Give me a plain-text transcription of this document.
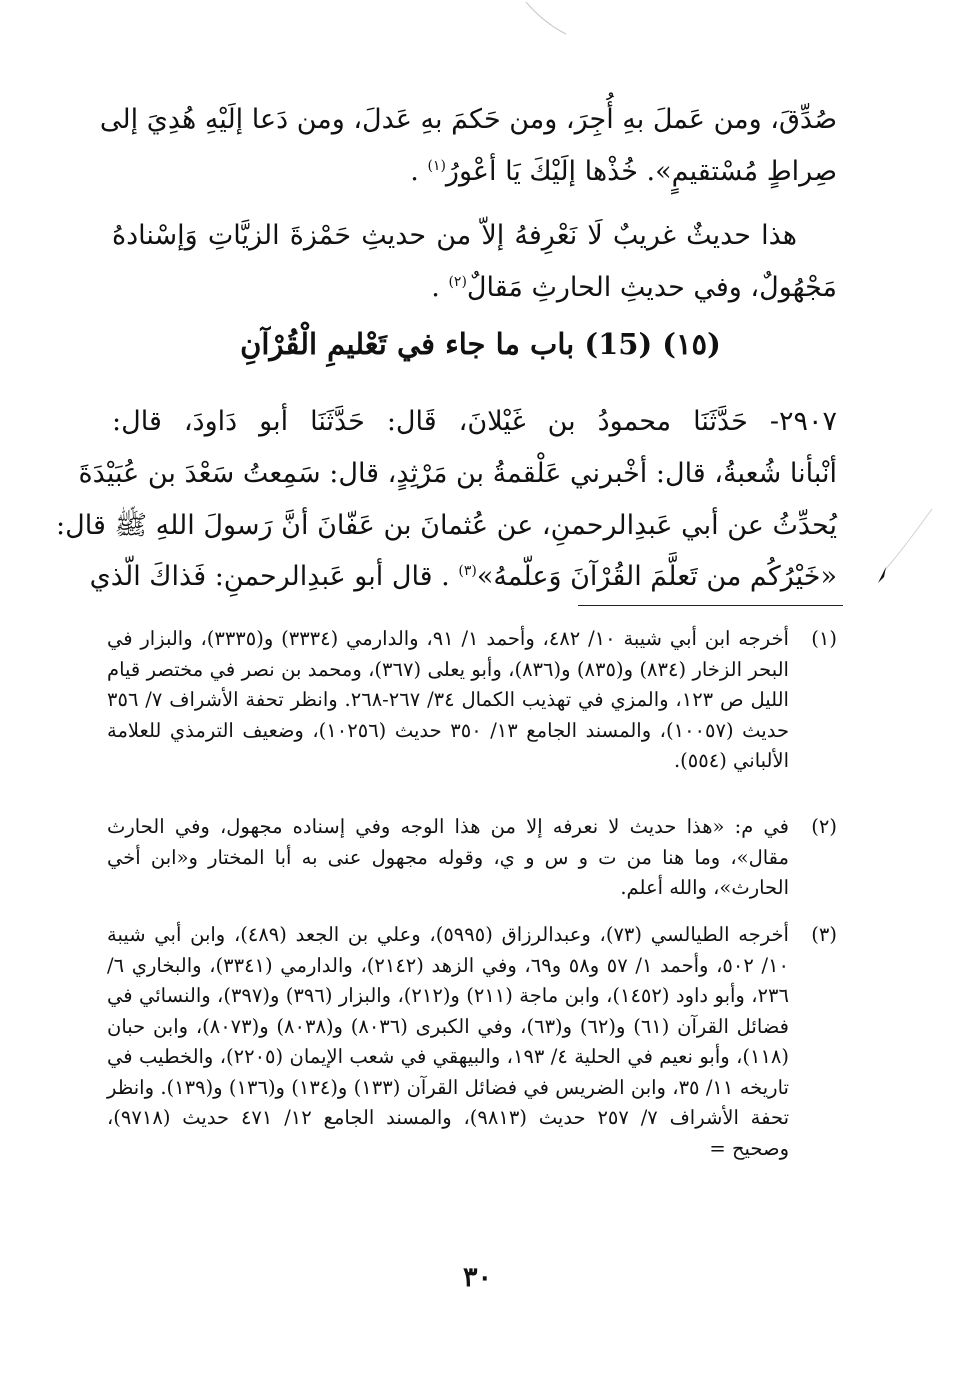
صُدِّقَ، ومن عَملَ بهِ أُجِرَ، ومن حَكمَ بهِ عَدلَ، ومن دَعا إلَيْهِ هُدِيَ إلى
صِراطٍ مُسْتقيمٍ». خُذْها إلَيْكَ يَا أعْورُ$^{(١)}$ .
هذا حديثٌ غريبٌ لَا نَعْرِفهُ إلاّ من حديثِ حَمْزةَ الزيَّاتِ وَإسْنادهُ
مَجْهُولٌ، وفي حديثِ الحارثِ مَقالٌ$^{(٢)}$ .
(١٥) (15) باب ما جاء في تَعْليمِ الْقُرْآنِ
٢٩٠٧- حَدَّثَنَا محمودُ بن غَيْلانَ، قَال: حَدَّثَنَا أبو دَاودَ، قال:
أنْبأنا شُعبةُ، قال: أخْبرني عَلْقمةُ بن مَرْثِدٍ، قال: سَمِعتُ سَعْدَ بن عُبَيْدَةَ
يُحدِّثُ عن أبي عَبدِالرحمنِ، عن عُثمانَ بن عَفّانَ أنَّ رَسولَ اللهِ ﷺ قال:
«خَيْرُكُم من تَعلَّمَ القُرْآنَ وَعلّمهُ»$^{(٣)}$ . قال أبو عَبدِالرحمنِ: فَذاكَ الّذي
(١)
أخرجه ابن أبي شيبة ١٠/ ٤٨٢، وأحمد ١/ ٩١، والدارمي (٣٣٣٤) و(٣٣٣٥)، والبزار في البحر الزخار (٨٣٤) و(٨٣٥) و(٨٣٦)، وأبو يعلى (٣٦٧)، ومحمد بن نصر في مختصر قيام الليل ص ١٢٣، والمزي في تهذيب الكمال ٣٤/ ٢٦٧-٢٦٨. وانظر تحفة الأشراف ٧/ ٣٥٦ حديث (١٠٠٥٧)، والمسند الجامع ١٣/ ٣٥٠ حديث (١٠٢٥٦)، وضعيف الترمذي للعلامة الألباني (٥٥٤).
(٢)
في م: «هذا حديث لا نعرفه إلا من هذا الوجه وفي إسناده مجهول، وفي الحارث مقال»، وما هنا من ت و س و ي، وقوله مجهول عنى به أبا المختار و«ابن أخي الحارث»، والله أعلم.
(٣)
أخرجه الطيالسي (٧٣)، وعبدالرزاق (٥٩٩٥)، وعلي بن الجعد (٤٨٩)، وابن أبي شيبة ١٠/ ٥٠٢، وأحمد ١/ ٥٧ و٥٨ و٦٩، وفي الزهد (٢١٤٢)، والدارمي (٣٣٤١)، والبخاري ٦/ ٢٣٦، وأبو داود (١٤٥٢)، وابن ماجة (٢١١) و(٢١٢)، والبزار (٣٩٦) و(٣٩٧)، والنسائي في فضائل القرآن (٦١) و(٦٢) و(٦٣)، وفي الكبرى (٨٠٣٦) و(٨٠٣٨) و(٨٠٧٣)، وابن حبان (١١٨)، وأبو نعيم في الحلية ٤/ ١٩٣، والبيهقي في شعب الإيمان (٢٢٠٥)، والخطيب في تاريخه ١١/ ٣٥، وابن الضريس في فضائل القرآن (١٣٣) و(١٣٤) و(١٣٦) و(١٣٩). وانظر تحفة الأشراف ٧/ ٢٥٧ حديث (٩٨١٣)، والمسند الجامع ١٢/ ٤٧١ حديث (٩٧١٨)، وصحيح =
٣٠
